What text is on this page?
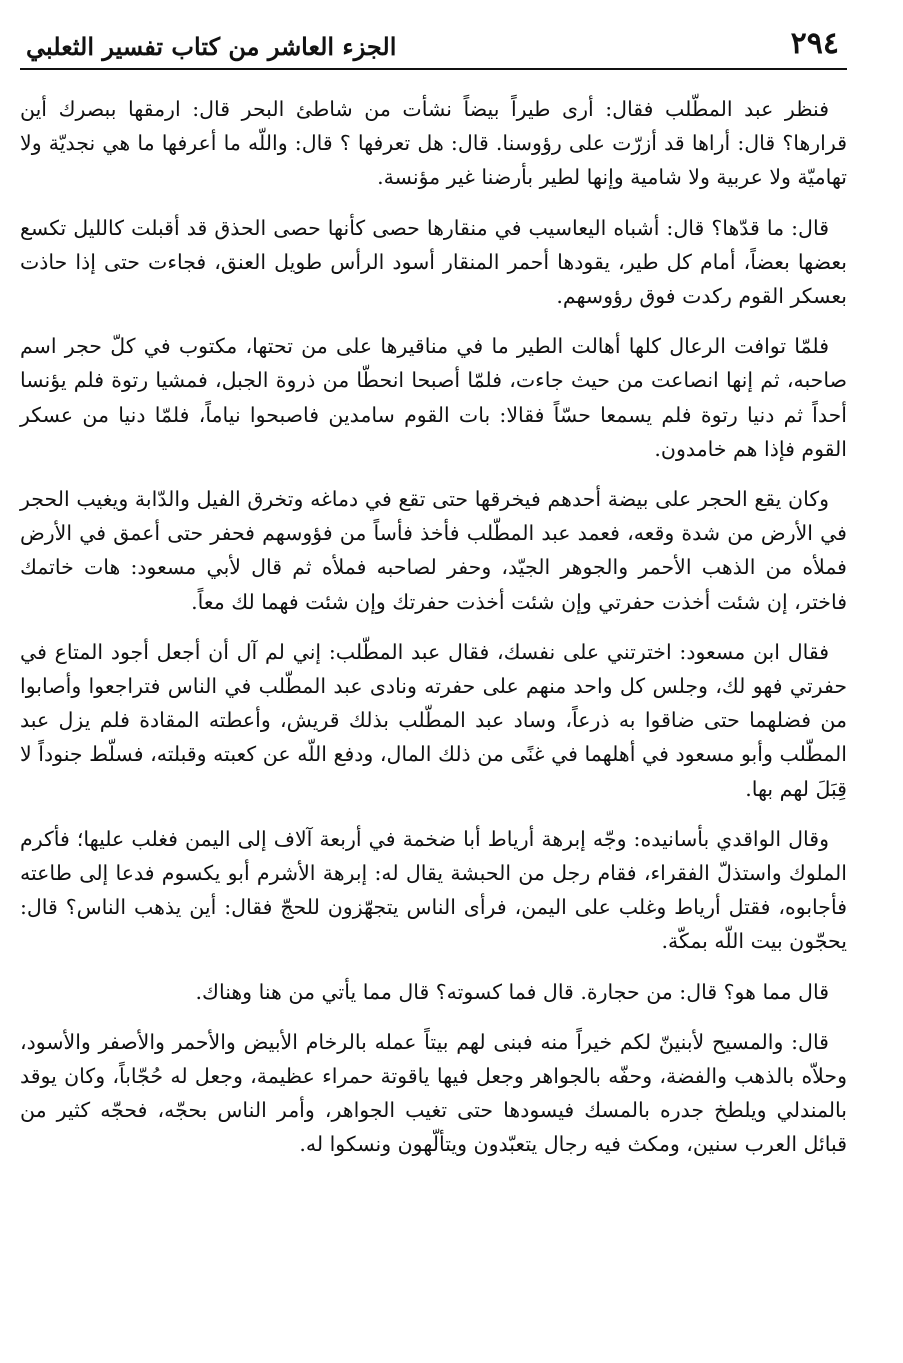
٢٩٤
الجزء العاشر من كتاب تفسير الثعلبي

فنظر عبد المطّلب فقال: أرى طيراً بيضاً نشأت من شاطئ البحر قال: ارمقها ببصرك أين قرارها؟ قال: أراها قد أزرّت على رؤوسنا. قال: هل تعرفها ؟ قال: واللّه ما أعرفها ما هي نجديّة ولا تهاميّة ولا عربية ولا شامية وإنها لطير بأرضنا غير مؤنسة.

قال: ما قدّها؟ قال: أشباه اليعاسيب في منقارها حصى كأنها حصى الحذق قد أقبلت كالليل تكسع بعضها بعضاً، أمام كل طير، يقودها أحمر المنقار أسود الرأس طويل العنق، فجاءت حتى إذا حاذت بعسكر القوم ركدت فوق رؤوسهم.

فلمّا توافت الرعال كلها أهالت الطير ما في مناقيرها على من تحتها، مكتوب في كلّ حجر اسم صاحبه، ثم إنها انصاعت من حيث جاءت، فلمّا أصبحا انحطّا من ذروة الجبل، فمشيا رتوة فلم يؤنسا أحداً ثم دنيا رتوة فلم يسمعا حسّاً فقالا: بات القوم سامدين فاصبحوا نياماً، فلمّا دنيا من عسكر القوم فإذا هم خامدون.

وكان يقع الحجر على بيضة أحدهم فيخرقها حتى تقع في دماغه وتخرق الفيل والدّابة ويغيب الحجر في الأرض من شدة وقعه، فعمد عبد المطّلب فأخذ فأساً من فؤوسهم فحفر حتى أعمق في الأرض فملأه من الذهب الأحمر والجوهر الجيّد، وحفر لصاحبه فملأه ثم قال لأبي مسعود: هات خاتمك فاختر، إن شئت أخذت حفرتي وإن شئت أخذت حفرتك وإن شئت فهما لك معاً.

فقال ابن مسعود: اخترتني على نفسك، فقال عبد المطّلب: إني لم آل أن أجعل أجود المتاع في حفرتي فهو لك، وجلس كل واحد منهم على حفرته ونادى عبد المطّلب في الناس فتراجعوا وأصابوا من فضلهما حتى ضاقوا به ذرعاً، وساد عبد المطّلب بذلك قريش، وأعطته المقادة فلم يزل عبد المطّلب وأبو مسعود في أهلهما في غنًى من ذلك المال، ودفع اللّه عن كعبته وقبلته، فسلّط جنوداً لا قِبَلَ لهم بها.

وقال الواقدي بأسانيده: وجّه إبرهة أرياط أبا ضخمة في أربعة آلاف إلى اليمن فغلب عليها؛ فأكرم الملوك واستذلّ الفقراء، فقام رجل من الحبشة يقال له: إبرهة الأشرم أبو يكسوم فدعا إلى طاعته فأجابوه، فقتل أرياط وغلب على اليمن، فرأى الناس يتجهّزون للحجّ فقال: أين يذهب الناس؟ قال: يحجّون بيت اللّه بمكّة.

قال مما هو؟ قال: من حجارة. قال فما كسوته؟ قال مما يأتي من هنا وهناك.

قال: والمسيح لأبنينّ لكم خيراً منه فبنى لهم بيتاً عمله بالرخام الأبيض والأحمر والأصفر والأسود، وحلاّه بالذهب والفضة، وحفّه بالجواهر وجعل فيها ياقوتة حمراء عظيمة، وجعل له حُجّاباً، وكان يوقد بالمندلي ويلطخ جدره بالمسك فيسودها حتى تغيب الجواهر، وأمر الناس بحجّه، فحجّه كثير من قبائل العرب سنين، ومكث فيه رجال يتعبّدون ويتألّهون ونسكوا له.
